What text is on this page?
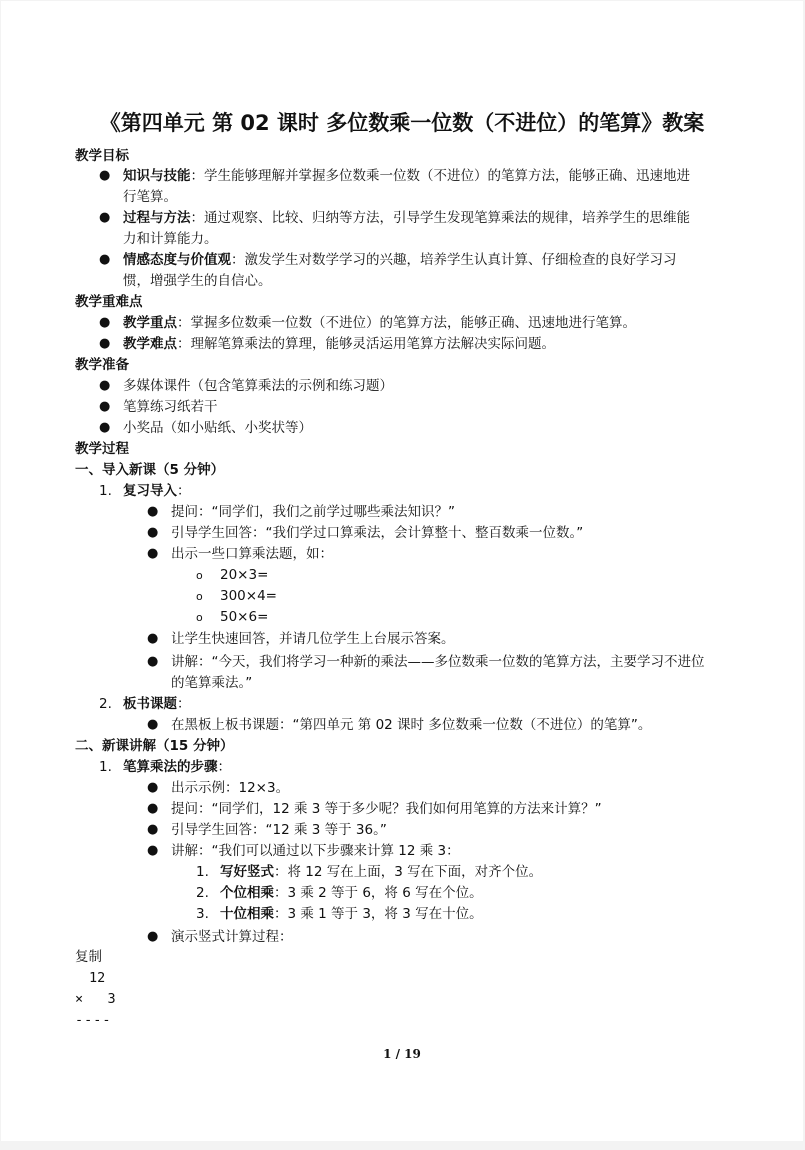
《第四单元 第 02 课时 多位数乘一位数（不进位）的笔算》教案
教学目标
● 知识与技能：学生能够理解并掌握多位数乘一位数（不进位）的笔算方法，能够正确、迅速地进
行笔算。
● 过程与方法：通过观察、比较、归纳等方法，引导学生发现笔算乘法的规律，培养学生的思维能
力和计算能力。
● 情感态度与价值观：激发学生对数学学习的兴趣，培养学生认真计算、仔细检查的良好学习习
惯，增强学生的自信心。
教学重难点
● 教学重点：掌握多位数乘一位数（不进位）的笔算方法，能够正确、迅速地进行笔算。
● 教学难点：理解笔算乘法的算理，能够灵活运用笔算方法解决实际问题。
教学准备
● 多媒体课件（包含笔算乘法的示例和练习题）
● 笔算练习纸若干
● 小奖品（如小贴纸、小奖状等）
教学过程
一、导入新课（5 分钟）
1. 复习导入：
● 提问：“同学们，我们之前学过哪些乘法知识？”
● 引导学生回答：“我们学过口算乘法，会计算整十、整百数乘一位数。”
● 出示一些口算乘法题，如：
o 20×3=
o 300×4=
o 50×6=
● 让学生快速回答，并请几位学生上台展示答案。
● 讲解：“今天，我们将学习一种新的乘法——多位数乘一位数的笔算方法，主要学习不进位
的笔算乘法。”
2. 板书课题：
● 在黑板上板书课题：“第四单元 第 02 课时 多位数乘一位数（不进位）的笔算”。
二、新课讲解（15 分钟）
1. 笔算乘法的步骤：
● 出示示例：12×3。
● 提问：“同学们，12 乘 3 等于多少呢？我们如何用笔算的方法来计算？”
● 引导学生回答：“12 乘 3 等于 36。”
● 讲解：“我们可以通过以下步骤来计算 12 乘 3：
1. 写好竖式：将 12 写在上面，3 写在下面，对齐个位。
2. 个位相乘：3 乘 2 等于 6，将 6 写在个位。
3. 十位相乘：3 乘 1 等于 3，将 3 写在十位。
● 演示竖式计算过程：
复制
12
× 3
----
1 / 19
